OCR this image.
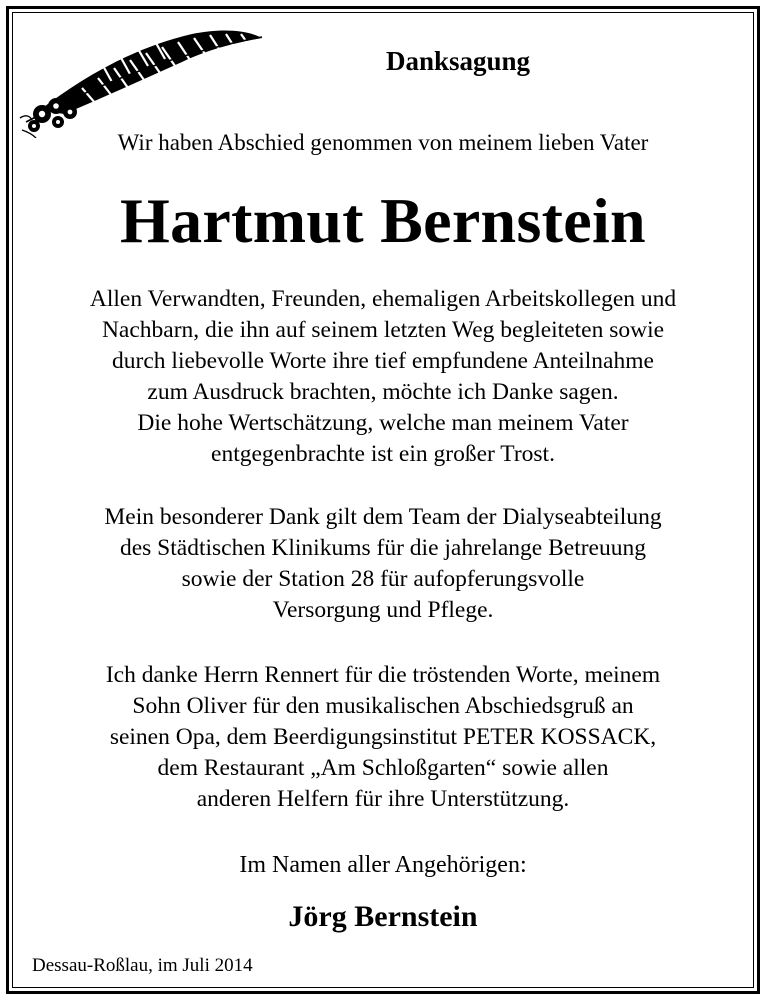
Danksagung
Wir haben Abschied genommen von meinem lieben Vater
Hartmut Bernstein
Allen Verwandten, Freunden, ehemaligen Arbeitskollegen und
Nachbarn, die ihn auf seinem letzten Weg begleiteten sowie
durch liebevolle Worte ihre tief empfundene Anteilnahme
zum Ausdruck brachten, möchte ich Danke sagen.
Die hohe Wertschätzung, welche man meinem Vater
entgegenbrachte ist ein großer Trost.
Mein besonderer Dank gilt dem Team der Dialyseabteilung
des Städtischen Klinikums für die jahrelange Betreuung
sowie der Station 28 für aufopferungsvolle
Versorgung und Pflege.
Ich danke Herrn Rennert für die tröstenden Worte, meinem
Sohn Oliver für den musikalischen Abschiedsgruß an
seinen Opa, dem Beerdigungsinstitut PETER KOSSACK,
dem Restaurant „Am Schloßgarten“ sowie allen
anderen Helfern für ihre Unterstützung.
Im Namen aller Angehörigen:
Jörg Bernstein
Dessau-Roßlau, im Juli 2014
